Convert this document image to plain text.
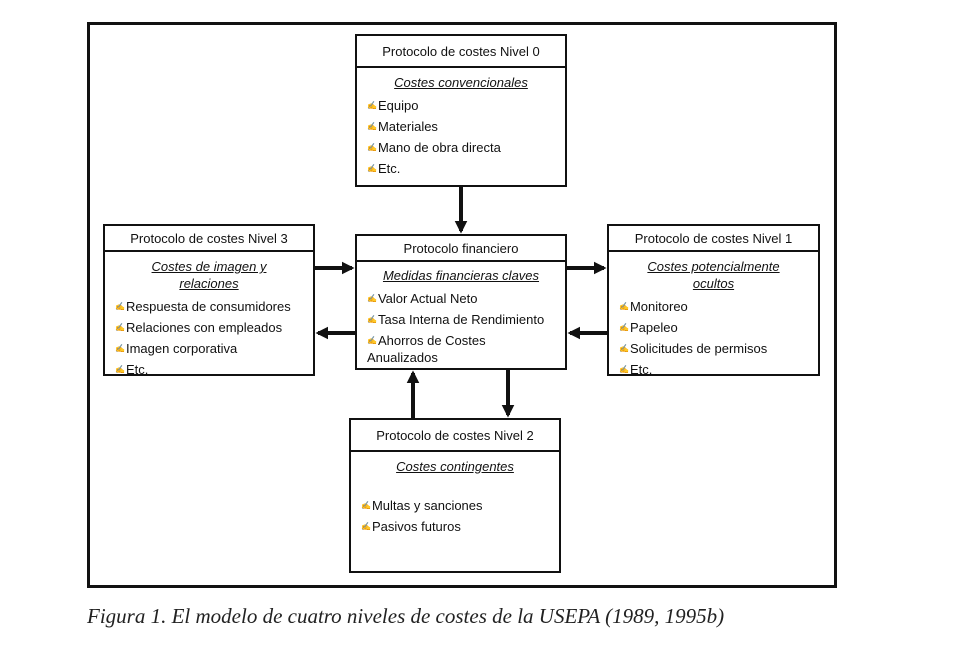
Protocolo de costes Nivel 0
Costes convencionales
✍Equipo
✍Materiales
✍Mano de obra directa
✍Etc.
Protocolo financiero
Medidas financieras claves
✍Valor Actual Neto
✍Tasa Interna de Rendimiento
✍Ahorros de Costes Anualizados
Protocolo de costes Nivel 1
Costes potencialmente ocultos
✍Monitoreo
✍Papeleo
✍Solicitudes de permisos
✍Etc.
Protocolo de costes Nivel 3
Costes de imagen y relaciones
✍Respuesta de consumidores
✍Relaciones con empleados
✍Imagen corporativa
✍Etc.
Protocolo de costes Nivel 2
Costes contingentes
✍Multas y sanciones
✍Pasivos futuros
Figura 1. El modelo de cuatro niveles de costes de la USEPA (1989, 1995b)
